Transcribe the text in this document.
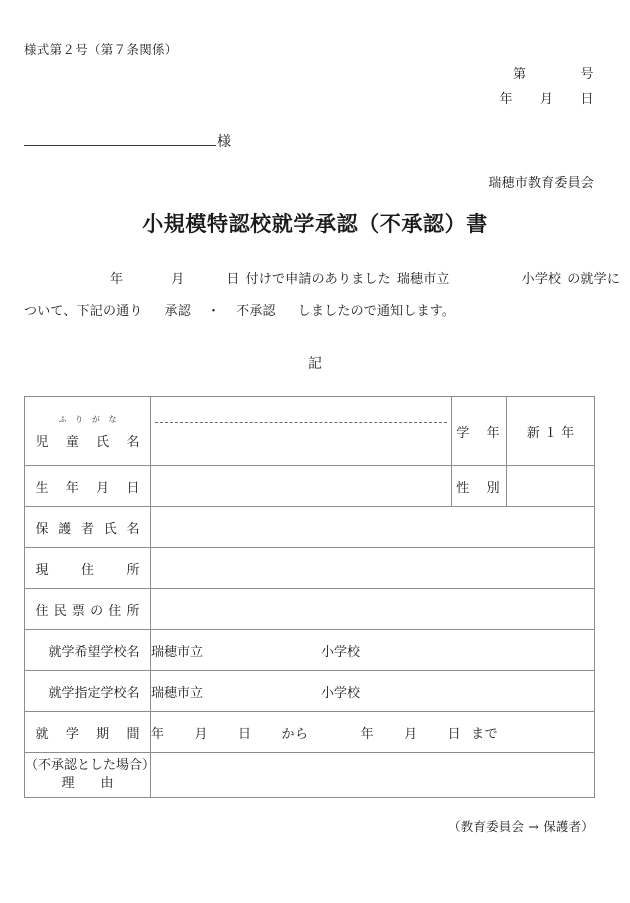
様式第２号（第７条関係）
第　　　　号
年　　月　　日
様
瑞穂市教育委員会
小規模特認校就学承認（不承認）書
年	月	日 付けで申請のありました 瑞穂市立	小学校 の就学に
ついて、下記の通り 承認 ・ 不承認 しましたので通知します。
記
ふりがな
児童氏名		学　年	新 １ 年
生年月日		性　別	
保護者氏名			
現住所			
住民票の住所			
就学希望学校名	瑞穂市立 小学校		
就学指定学校名	瑞穂市立 小学校		
就学期間	年 月 日 から 年 月 日 まで		

（不承認とした場合）
理由			

（教育委員会 → 保護者）
